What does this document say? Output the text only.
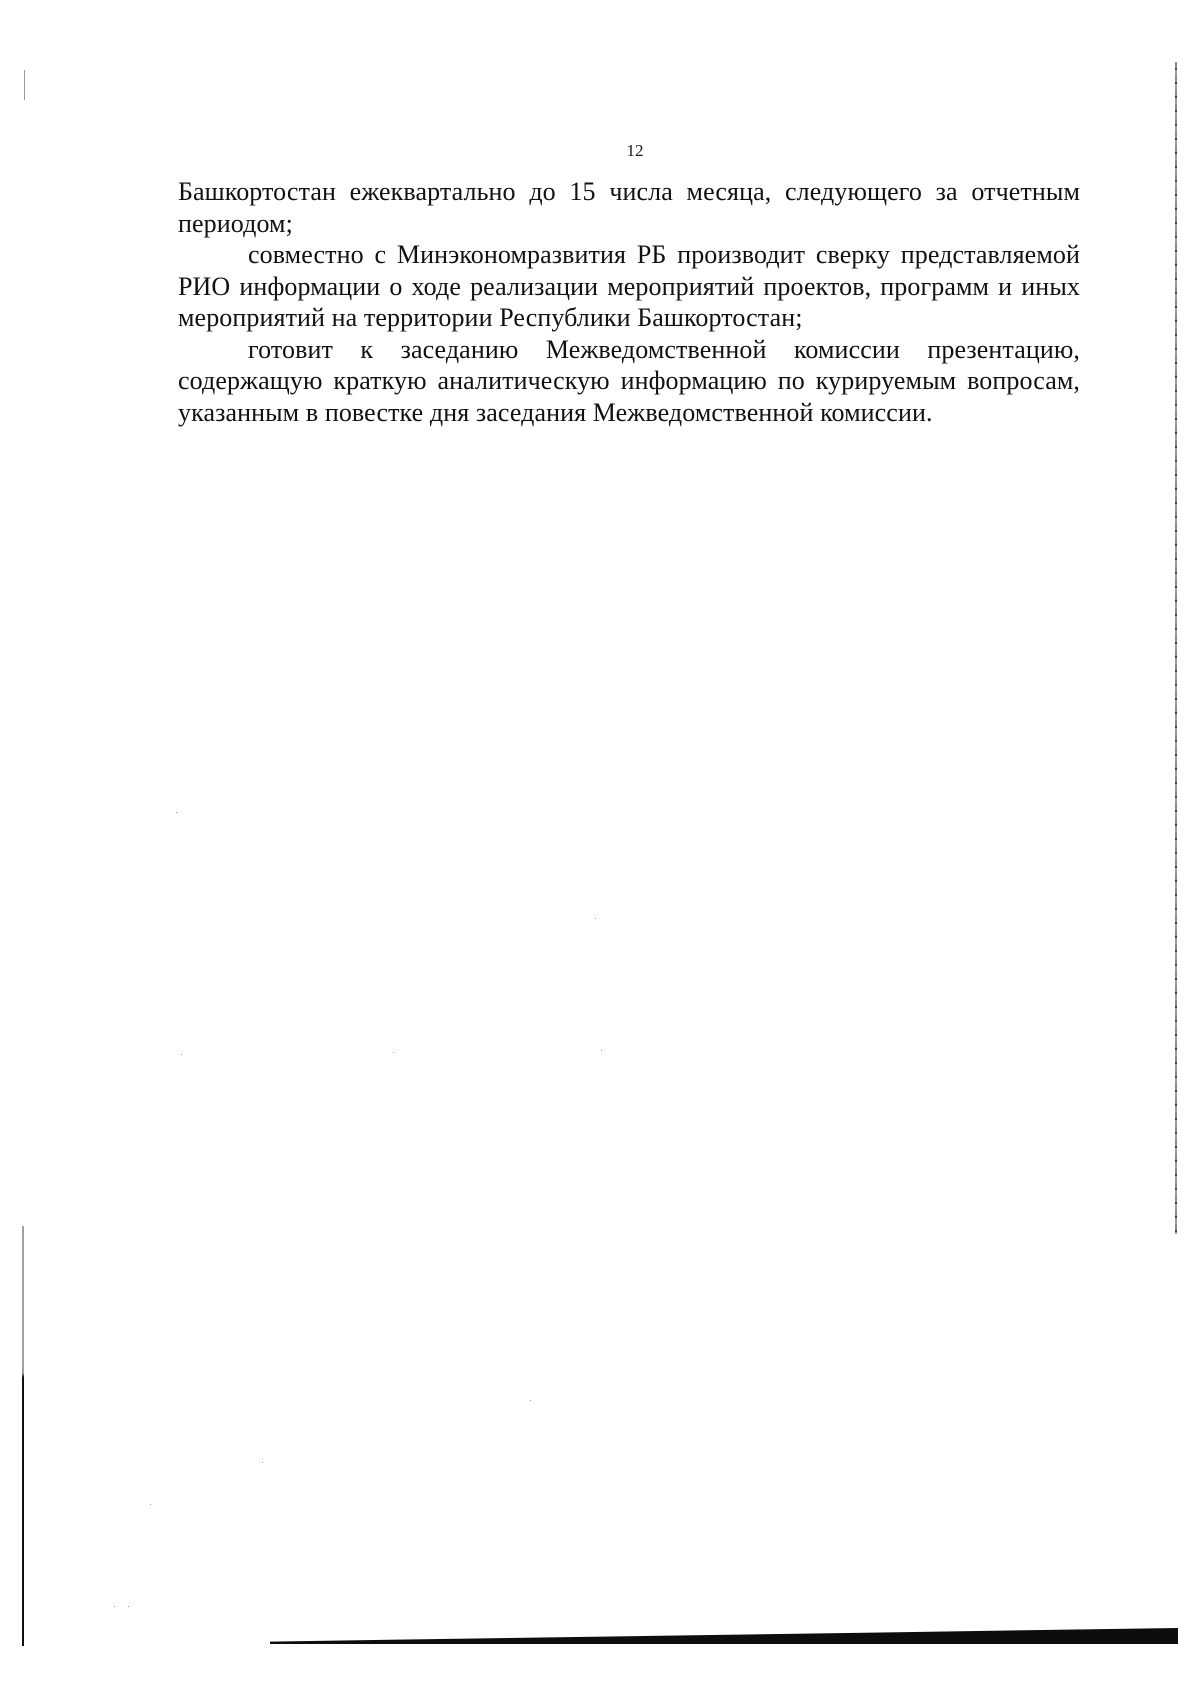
12

Башкортостан ежеквартально до 15 числа месяца, следующего за отчетным периодом;

совместно с Минэкономразвития РБ производит сверку представляемой РИО информации о ходе реализации мероприятий проектов, программ и иных мероприятий на территории Республики Башкортостан;

готовит к заседанию Межведомственной комиссии презентацию, содержащую краткую аналитическую информацию по курируемым вопросам, указанным в повестке дня заседания Межведомственной комиссии.
